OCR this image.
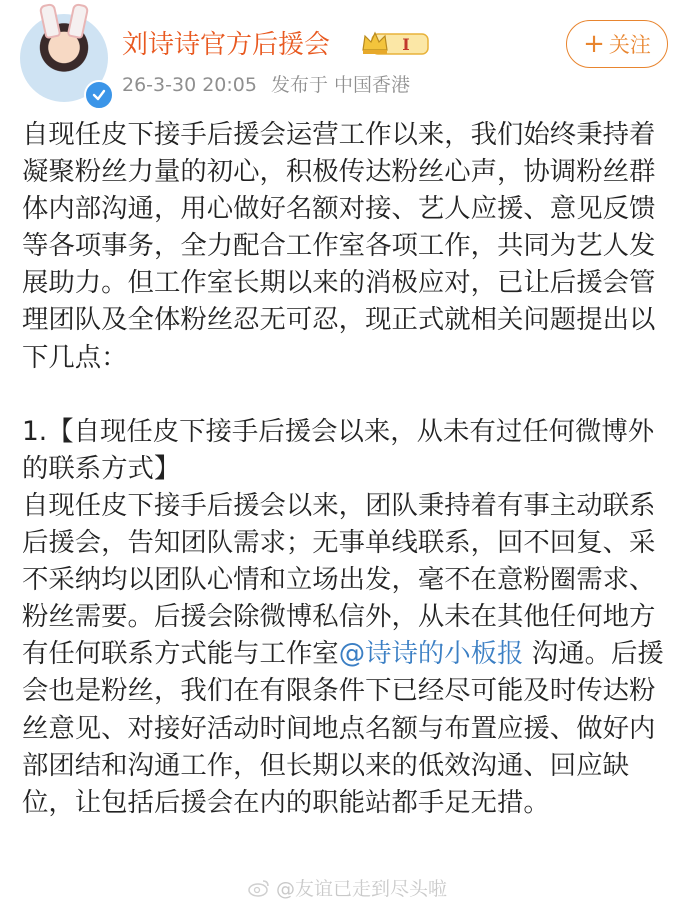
刘诗诗官方后援会	I
26-3-30 20:05 发布于 中国香港
+ 关注

自现任皮下接手后援会运营工作以来，我们始终秉持着凝聚粉丝力量的初心，积极传达粉丝心声，协调粉丝群体内部沟通，用心做好名额对接、艺人应援、意见反馈等各项事务，全力配合工作室各项工作，共同为艺人发展助力。但工作室长期以来的消极应对，已让后援会管理团队及全体粉丝忍无可忍，现正式就相关问题提出以下几点：

1.【自现任皮下接手后援会以来，从未有过任何微博外的联系方式】

自现任皮下接手后援会以来，团队秉持着有事主动联系后援会，告知团队需求；无事单线联系，回不回复、采不采纳均以团队心情和立场出发，毫不在意粉圈需求、粉丝需要。后援会除微博私信外，从未在其他任何地方有任何联系方式能与工作室@诗诗的小板报 沟通。后援会也是粉丝，我们在有限条件下已经尽可能及时传达粉丝意见、对接好活动时间地点名额与布置应援、做好内部团结和沟通工作，但长期以来的低效沟通、回应缺位，让包括后援会在内的职能站都手足无措。

@友谊已走到尽头啦
